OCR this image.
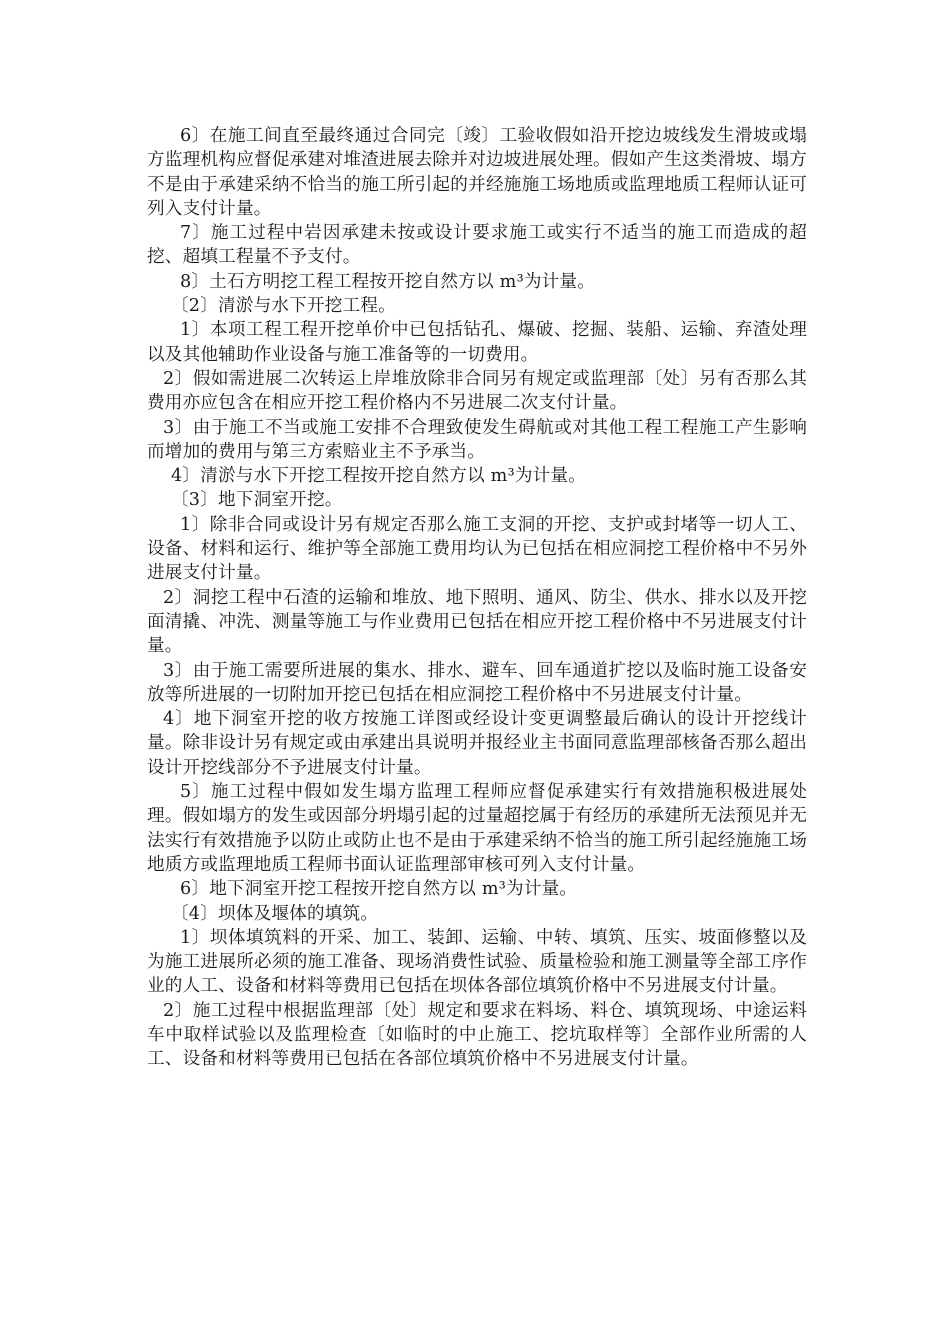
6〕在施工间直至最终通过合同完〔竣〕工验收假如沿开挖边坡线发生滑坡或塌方监理机构应督促承建对堆渣进展去除并对边坡进展处理。假如产生这类滑坡、塌方不是由于承建采纳不恰当的施工所引起的并经施施工场地质或监理地质工程师认证可列入支付计量。

7〕施工过程中岩因承建未按或设计要求施工或实行不适当的施工而造成的超挖、超填工程量不予支付。

8〕土石方明挖工程工程按开挖自然方以 m³为计量。

〔2〕清淤与水下开挖工程。

1〕本项工程工程开挖单价中已包括钻孔、爆破、挖掘、装船、运输、弃渣处理以及其他辅助作业设备与施工准备等的一切费用。

2〕假如需进展二次转运上岸堆放除非合同另有规定或监理部〔处〕另有否那么其费用亦应包含在相应开挖工程价格内不另进展二次支付计量。

3〕由于施工不当或施工安排不合理致使发生碍航或对其他工程工程施工产生影响而增加的费用与第三方索赔业主不予承当。

4〕清淤与水下开挖工程按开挖自然方以 m³为计量。

〔3〕地下洞室开挖。

1〕除非合同或设计另有规定否那么施工支洞的开挖、支护或封堵等一切人工、设备、材料和运行、维护等全部施工费用均认为已包括在相应洞挖工程价格中不另外进展支付计量。

2〕洞挖工程中石渣的运输和堆放、地下照明、通风、防尘、供水、排水以及开挖面清撬、冲洗、测量等施工与作业费用已包括在相应开挖工程价格中不另进展支付计量。

3〕由于施工需要所进展的集水、排水、避车、回车通道扩挖以及临时施工设备安放等所进展的一切附加开挖已包括在相应洞挖工程价格中不另进展支付计量。

4〕地下洞室开挖的收方按施工详图或经设计变更调整最后确认的设计开挖线计量。除非设计另有规定或由承建出具说明并报经业主书面同意监理部核备否那么超出设计开挖线部分不予进展支付计量。

5〕施工过程中假如发生塌方监理工程师应督促承建实行有效措施积极进展处理。假如塌方的发生或因部分坍塌引起的过量超挖属于有经历的承建所无法预见并无法实行有效措施予以防止或防止也不是由于承建采纳不恰当的施工所引起经施施工场地质方或监理地质工程师书面认证监理部审核可列入支付计量。

6〕地下洞室开挖工程按开挖自然方以 m³为计量。

〔4〕坝体及堰体的填筑。

1〕坝体填筑料的开采、加工、装卸、运输、中转、填筑、压实、坡面修整以及为施工进展所必须的施工准备、现场消费性试验、质量检验和施工测量等全部工序作业的人工、设备和材料等费用已包括在坝体各部位填筑价格中不另进展支付计量。

2〕施工过程中根据监理部〔处〕规定和要求在料场、料仓、填筑现场、中途运料车中取样试验以及监理检查〔如临时的中止施工、挖坑取样等〕全部作业所需的人工、设备和材料等费用已包括在各部位填筑价格中不另进展支付计量。
